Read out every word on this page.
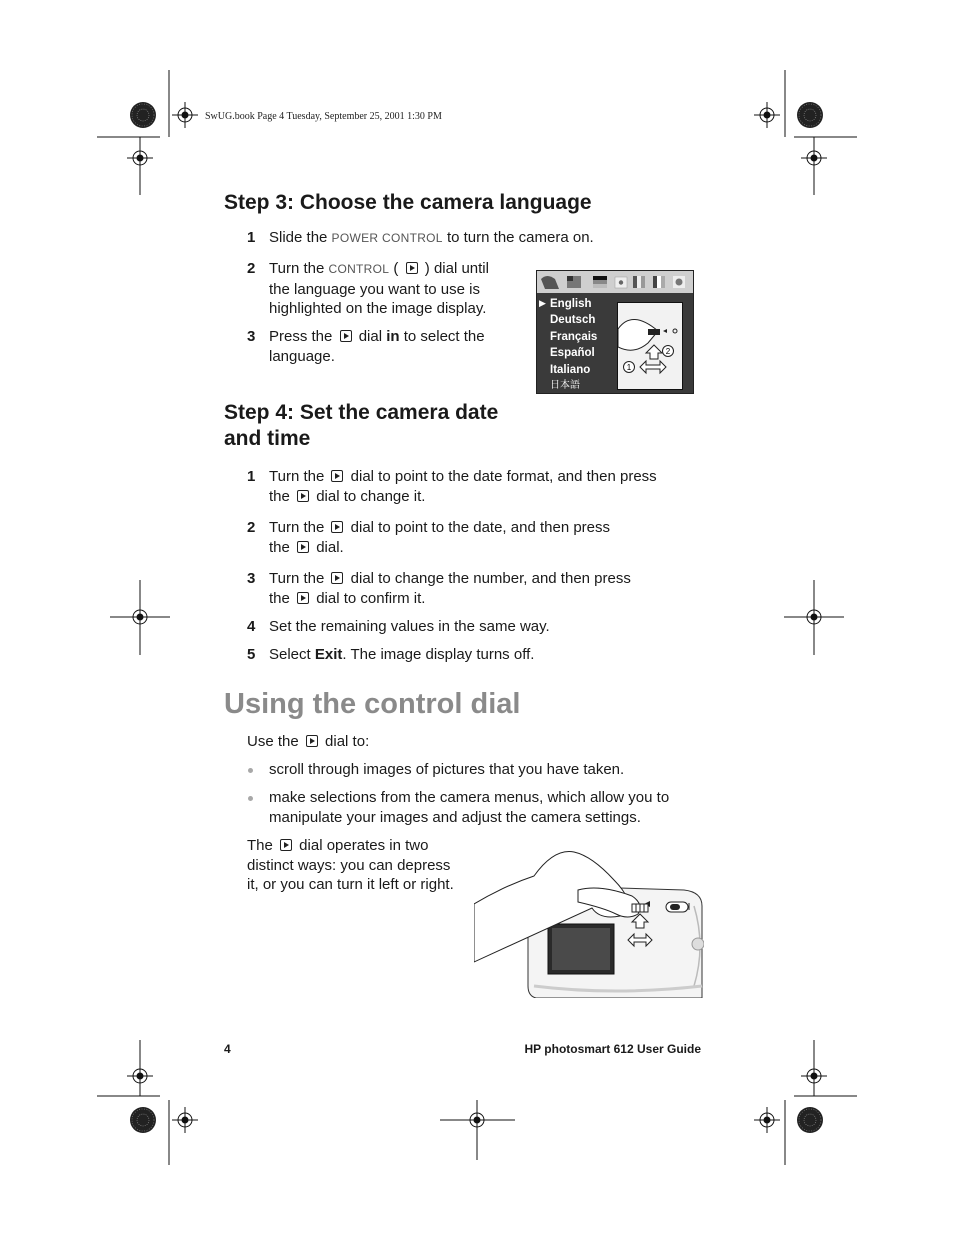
SwUG.book Page 4 Tuesday, September 25, 2001 1:30 PM
Step 3: Choose the camera language
1 Slide the POWER CONTROL to turn the camera on.
2 Turn the CONTROL (  ) dial until
the language you want to use is
highlighted on the image display.
3 Press the  dial in to select the
language.
▶ English
Deutsch
Français
Español
Italiano
日本語
2
1
Step 4: Set the camera date
and time
1 Turn the  dial to point to the date format, and then press
the  dial to change it.
2 Turn the  dial to point to the date, and then press
the  dial.
3 Turn the  dial to change the number, and then press
the  dial to confirm it.
4 Set the remaining values in the same way.
5 Select Exit. The image display turns off.
Using the control dial
Use the  dial to:
scroll through images of pictures that you have taken.
make selections from the camera menus, which allow you to
manipulate your images and adjust the camera settings.
The  dial operates in two
distinct ways: you can depress
it, or you can turn it left or right.
4	HP photosmart 612 User Guide
